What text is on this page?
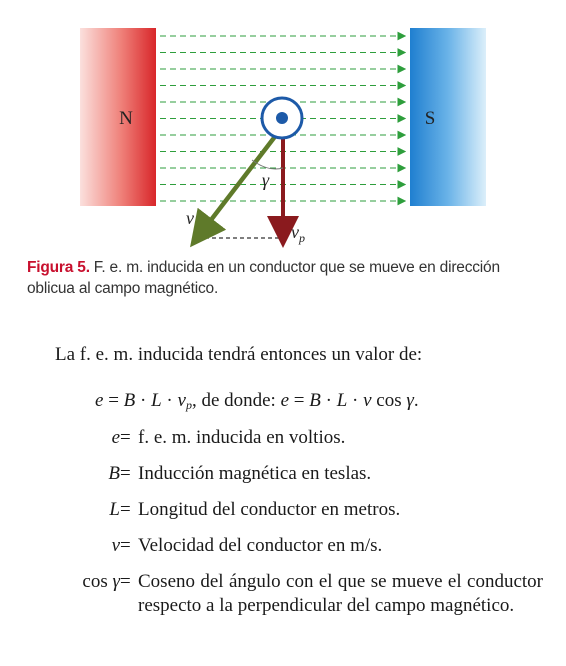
N	S
γ
v
$v_p$
Figura 5. F. e. m. inducida en un conductor que se mueve en dirección oblicua al campo magnético.
La f. e. m. inducida tendrá entonces un valor de:
$e = B \cdot L \cdot v_p$, de donde: e = B · L · v cos γ.
e = f. e. m. inducida en voltios.
B = Inducción magnética en teslas.
L = Longitud del conductor en metros.
v = Velocidad del conductor en m/s.
cos γ = Coseno del ángulo con el que se mueve el conductor respecto a la perpendicular del campo magnético.
